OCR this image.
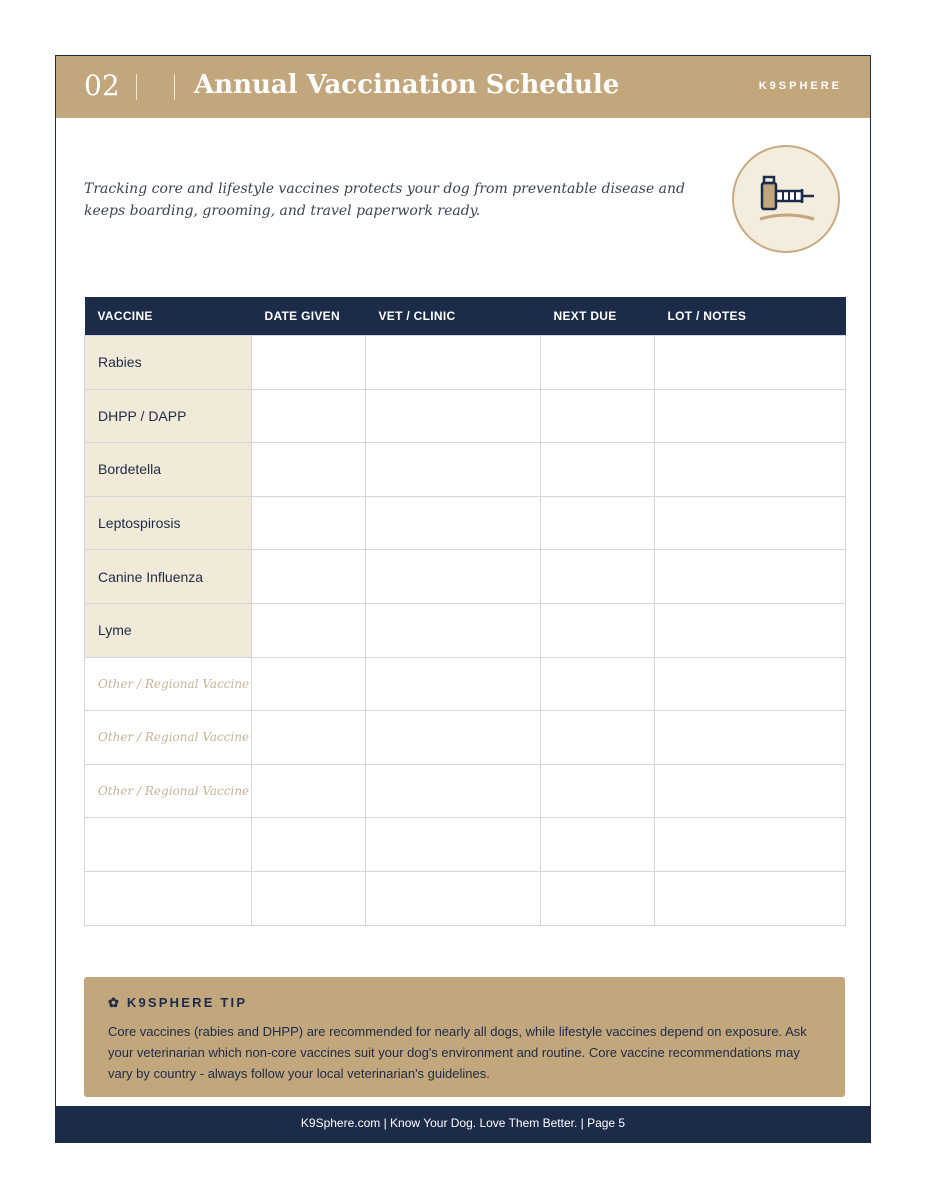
02	Annual Vaccination Schedule	K9SPHERE
Tracking core and lifestyle vaccines protects your dog from preventable disease and keeps boarding, grooming, and travel paperwork ready.
VACCINE	DATE GIVEN	VET / CLINIC	NEXT DUE	LOT / NOTES
Rabies				
DHPP / DAPP				
Bordetella				
Leptospirosis				
Canine Influenza				
Lyme				
Other / Regional Vaccine				
Other / Regional Vaccine				
Other / Regional Vaccine				

✿ K9SPHERE TIP
Core vaccines (rabies and DHPP) are recommended for nearly all dogs, while lifestyle vaccines depend on exposure. Ask your veterinarian which non-core vaccines suit your dog's environment and routine. Core vaccine recommendations may vary by country - always follow your local veterinarian's guidelines.
K9Sphere.com | Know Your Dog. Love Them Better. | Page 5
